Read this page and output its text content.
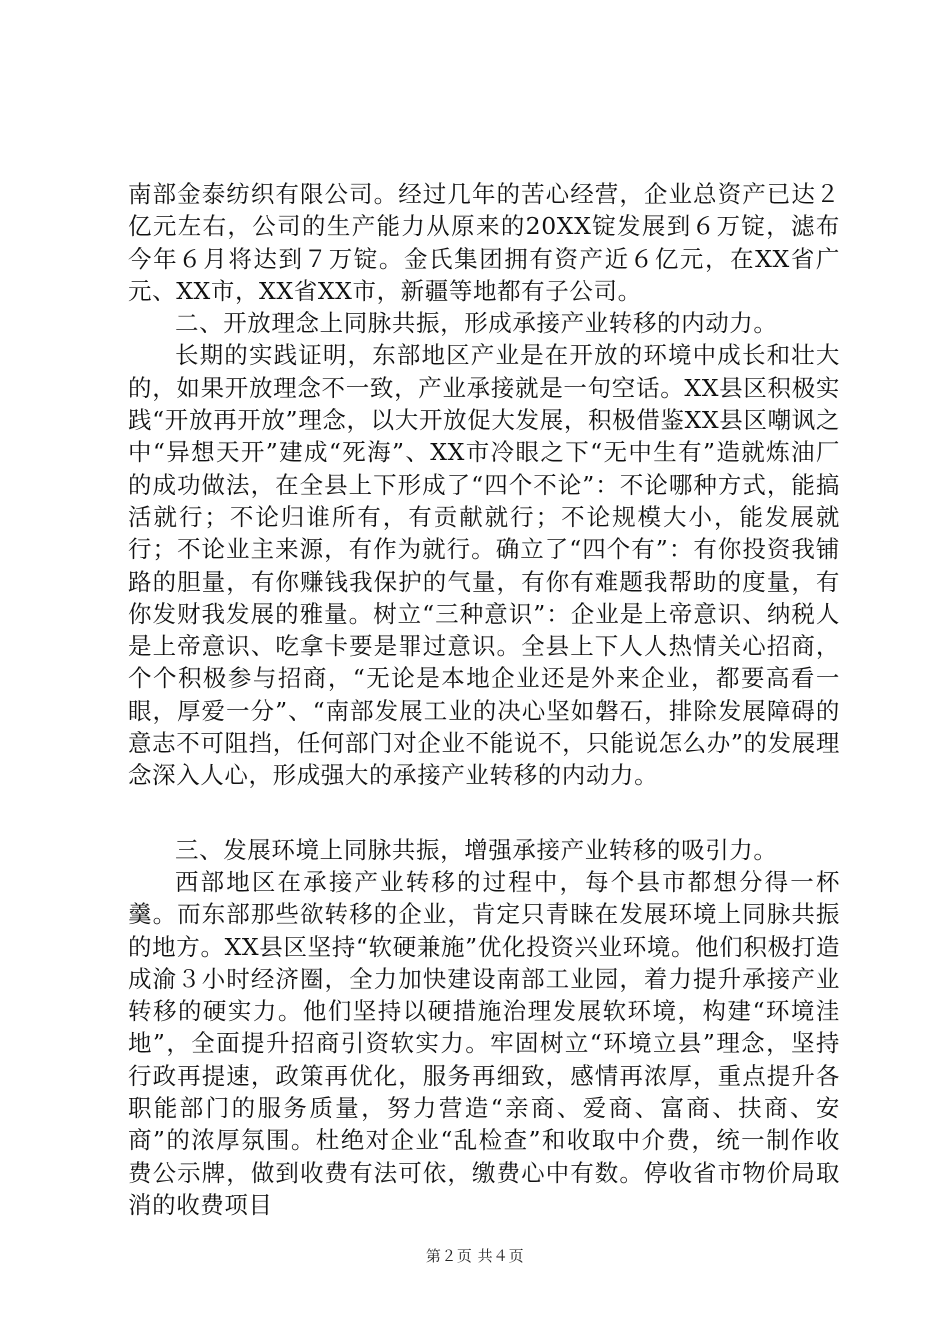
南部金泰纺织有限公司。经过几年的苦心经营，企业总资产已达２亿元左右，公司的生产能力从原来的20XX锭发展到６万锭，滤布今年６月将达到７万锭。金氏集团拥有资产近６亿元，在XX省广元、XX市，XX省XX市，新疆等地都有子公司。

二、开放理念上同脉共振，形成承接产业转移的内动力。

长期的实践证明，东部地区产业是在开放的环境中成长和壮大的，如果开放理念不一致，产业承接就是一句空话。XX县区积极实践“开放再开放”理念，以大开放促大发展，积极借鉴XX县区嘲讽之中“异想天开”建成“死海”、XX市冷眼之下“无中生有”造就炼油厂的成功做法，在全县上下形成了“四个不论”：不论哪种方式，能搞活就行；不论归谁所有，有贡献就行；不论规模大小，能发展就行；不论业主来源，有作为就行。确立了“四个有”：有你投资我铺路的胆量，有你赚钱我保护的气量，有你有难题我帮助的度量，有你发财我发展的雅量。树立“三种意识”：企业是上帝意识、纳税人是上帝意识、吃拿卡要是罪过意识。全县上下人人热情关心招商，个个积极参与招商，“无论是本地企业还是外来企业，都要高看一眼，厚爱一分”、“南部发展工业的决心坚如磐石，排除发展障碍的意志不可阻挡，任何部门对企业不能说不，只能说怎么办”的发展理念深入人心，形成强大的承接产业转移的内动力。

三、发展环境上同脉共振，增强承接产业转移的吸引力。

西部地区在承接产业转移的过程中，每个县市都想分得一杯羹。而东部那些欲转移的企业，肯定只青睐在发展环境上同脉共振的地方。XX县区坚持“软硬兼施”优化投资兴业环境。他们积极打造成渝３小时经济圈，全力加快建设南部工业园，着力提升承接产业转移的硬实力。他们坚持以硬措施治理发展软环境，构建“环境洼地”，全面提升招商引资软实力。牢固树立“环境立县”理念，坚持行政再提速，政策再优化，服务再细致，感情再浓厚，重点提升各职能部门的服务质量，努力营造“亲商、爱商、富商、扶商、安商”的浓厚氛围。杜绝对企业“乱检查”和收取中介费，统一制作收费公示牌，做到收费有法可依，缴费心中有数。停收省市物价局取消的收费项目

第２页 共４页
